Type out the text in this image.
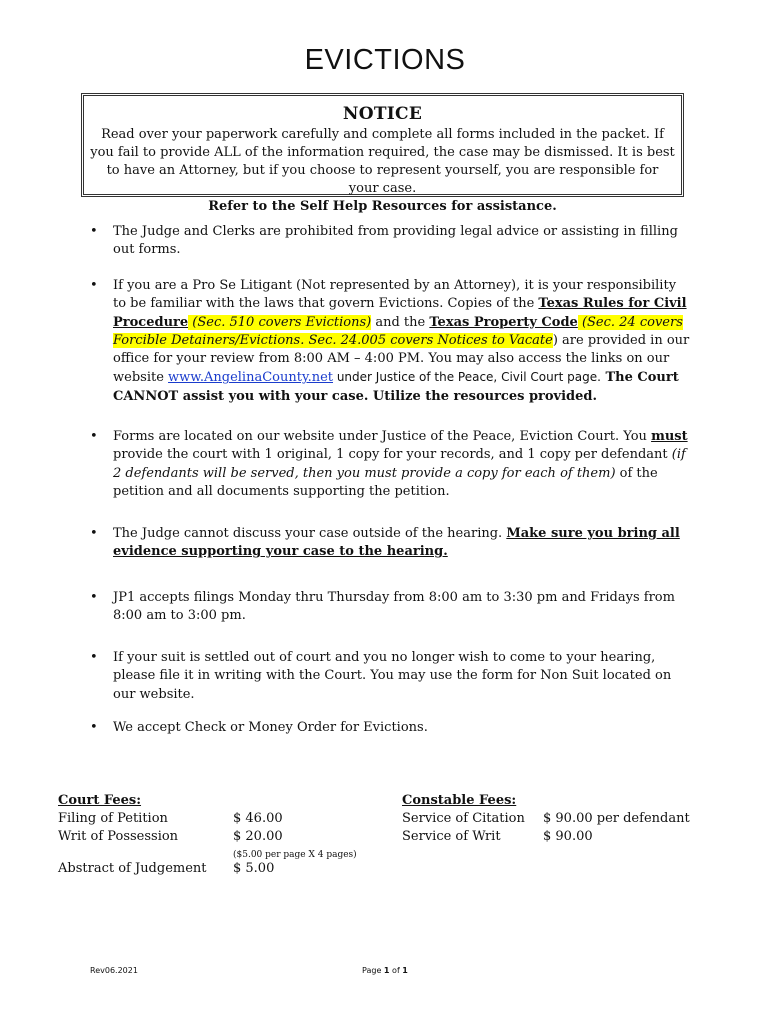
EVICTIONS
NOTICE

Read over your paperwork carefully and complete all forms included in the packet. If you fail to provide ALL of the information required, the case may be dismissed. It is best to have an Attorney, but if you choose to represent yourself, you are responsible for your case.
Refer to the Self Help Resources for assistance.

• The Judge and Clerks are prohibited from providing legal advice or assisting in filling out forms.
• If you are a Pro Se Litigant (Not represented by an Attorney), it is your responsibility to be familiar with the laws that govern Evictions. Copies of the Texas Rules for Civil Procedure (Sec. 510 covers Evictions) and the Texas Property Code (Sec. 24 covers Forcible Detainers/Evictions. Sec. 24.005 covers Notices to Vacate) are provided in our office for your review from 8:00 AM – 4:00 PM. You may also access the links on our website www.AngelinaCounty.net under Justice of the Peace, Civil Court page. The Court CANNOT assist you with your case. Utilize the resources provided.
• Forms are located on our website under Justice of the Peace, Eviction Court. You must provide the court with 1 original, 1 copy for your records, and 1 copy per defendant (if 2 defendants will be served, then you must provide a copy for each of them) of the petition and all documents supporting the petition.
• The Judge cannot discuss your case outside of the hearing. Make sure you bring all evidence supporting your case to the hearing.
• JP1 accepts filings Monday thru Thursday from 8:00 am to 3:30 pm and Fridays from 8:00 am to 3:00 pm.
• If your suit is settled out of court and you no longer wish to come to your hearing, please file it in writing with the Court. You may use the form for Non Suit located on our website.
• We accept Check or Money Order for Evictions.
Court Fees:	Constable Fees:
Filing of Petition	$ 46.00	Service of Citation $ 90.00 per defendant
Writ of Possession	$ 20.00	Service of Writ	$ 90.00
($5.00 per page X 4 pages)
Abstract of Judgement $ 5.00
Rev06.2021	Page 1 of 1
